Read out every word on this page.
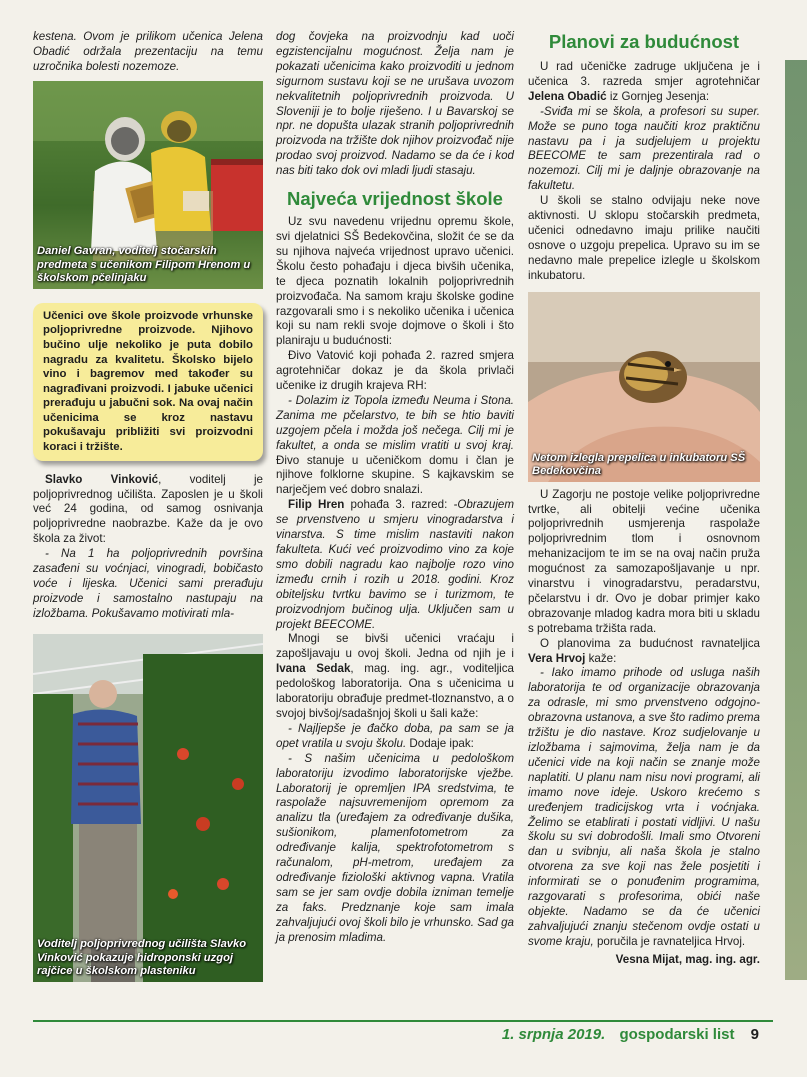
kestena. Ovom je prilikom učenica Jelena Obadić održala prezentaciju na temu uzročnika bolesti nozemoze.

Daniel Gavran, voditelj stočarskih predmeta s učenikom Filipom Hrenom u školskom pčelinjaku
Učenici ove škole proizvode vrhunske poljoprivredne proizvode. Njihovo bučino ulje nekoliko je puta dobilo nagradu za kvalitetu. Školsko bijelo vino i bagremov med također su nagrađivani proizvodi. I jabuke učenici prerađuju u jabučni sok. Na ovaj način učenicima se kroz nastavu pokušavaju približiti svi proizvodni koraci i tržište.

Slavko Vinković, voditelj je poljoprivrednog učilišta. Zaposlen je u školi već 24 godina, od samog osnivanja poljoprivredne naobrazbe. Kaže da je ovo škola za život:

- Na 1 ha poljoprivrednih površina zasađeni su voćnjaci, vinogradi, bobičasto voće i lijeska. Učenici sami prerađuju proizvode i samostalno nastupaju na izložbama. Pokušavamo motivirati mla-

Voditelj poljoprivrednog učilišta Slavko Vinković pokazuje hidroponski uzgoj rajčice u školskom plasteniku

dog čovjeka na proizvodnju kad uoči egzistencijalnu mogućnost. Želja nam je pokazati učenicima kako proizvoditi u jednom sigurnom sustavu koji se ne urušava uvozom nekvalitetnih poljoprivrednih proizvoda. U Sloveniji je to bolje riješeno. I u Bavarskoj se npr. ne dopušta ulazak stranih poljoprivrednih proizvoda na tržište dok njihov proizvođač nije prodao svoj proizvod. Nadamo se da će i kod nas biti tako dok ovi mladi ljudi stasaju.

Najveća vrijednost škole

Uz svu navedenu vrijednu opremu škole, svi djelatnici SŠ Bedekovčina, složit će se da su njihova najveća vrijednost upravo učenici. Školu često pohađaju i djeca bivših učenika, te djeca poznatih lokalnih poljoprivrednih proizvođača. Na samom kraju školske godine razgovarali smo i s nekoliko učenika i učenica koji su nam rekli svoje dojmove o školi i što planiraju u budućnosti:

Đivo Vatović koji pohađa 2. razred smjera agrotehničar dokaz je da škola privlači učenike iz drugih krajeva RH:

- Dolazim iz Topola između Neuma i Stona. Zanima me pčelarstvo, te bih se htio baviti uzgojem pčela i možda još nečega. Cilj mi je fakultet, a onda se mislim vratiti u svoj kraj. Đivo stanuje u učeničkom domu i član je njihove folklorne skupine. S kajkavskim se narječjem već dobro snalazi.

Filip Hren pohađa 3. razred: -Obrazujem se prvenstveno u smjeru vinogradarstva i vinarstva. S time mislim nastaviti nakon fakulteta. Kući već proizvodimo vino za koje smo dobili nagradu kao najbolje rozo vino između crnih i rozih u 2018. godini. Kroz obiteljsku tvrtku bavimo se i turizmom, te proizvodnjom bučinog ulja. Uključen sam u projekt BEECOME.

Mnogi se bivši učenici vraćaju i zapošljavaju u ovoj školi. Jedna od njih je i Ivana Sedak, mag. ing. agr., voditeljica pedološkog laboratorija. Ona s učenicima u laboratoriju obrađuje predmet-tloznanstvo, a o svojoj bivšoj/sadašnjoj školi u šali kaže:

- Najljepše je đačko doba, pa sam se ja opet vratila u svoju školu. Dodaje ipak:

- S našim učenicima u pedološkom laboratoriju izvodimo laboratorijske vježbe. Laboratorij je opremljen IPA sredstvima, te raspolaže najsuvremenijom opremom za analizu tla (uređajem za određivanje dušika, sušionikom, plamenfotometrom za određivanje kalija, spektrofotometrom s računalom, pH-metrom, uređajem za određivanje fiziološki aktivnog vapna. Vratila sam se jer sam ovdje dobila izniman temelje za faks. Predznanje koje sam imala zahvaljujući ovoj školi bilo je vrhunsko. Sad ga ja prenosim mladima.

Planovi za budućnost

U rad učeničke zadruge uključena je i učenica 3. razreda smjer agrotehničar Jelena Obadić iz Gornjeg Jesenja:

-Sviđa mi se škola, a profesori su super. Može se puno toga naučiti kroz praktičnu nastavu pa i ja sudjelujem u projektu BEECOME te sam prezentirala rad o nozemozi. Cilj mi je daljnje obrazovanje na fakultetu.

U školi se stalno odvijaju neke nove aktivnosti. U sklopu stočarskih predmeta, učenici odnedavno imaju prilike naučiti osnove o uzgoju prepelica. Upravo su im se nedavno male prepelice izlegle u školskom inkubatoru.

Netom izlegla prepelica u inkubatoru SŠ Bedekovčina

U Zagorju ne postoje velike poljoprivredne tvrtke, ali obitelji većine učenika poljoprivrednih usmjerenja raspolaže poljoprivrednim tlom i osnovnom mehanizacijom te im se na ovaj način pruža mogućnost za samozapošljavanje u npr. vinarstvu i vinogradarstvu, peradarstvu, pčelarstvu i dr. Ovo je dobar primjer kako obrazovanje mladog kadra mora biti u skladu s potrebama tržišta rada.

O planovima za budućnost ravnateljica Vera Hrvoj kaže:

- Iako imamo prihode od usluga naših laboratorija te od organizacije obrazovanja za odrasle, mi smo prvenstveno odgojno-obrazovna ustanova, a sve što radimo prema tržištu je dio nastave. Kroz sudjelovanje u izložbama i sajmovima, želja nam je da učenici vide na koji način se znanje može naplatiti. U planu nam nisu novi programi, ali imamo nove ideje. Uskoro krećemo s uređenjem tradicijskog vrta i voćnjaka. Želimo se etablirati i postati vidljivi. U našu školu su svi dobrodošli. Imali smo Otvoreni dan u svibnju, ali naša škola je stalno otvorena za sve koji nas žele posjetiti i informirati se o ponuđenim programima, razgovarati s profesorima, obići naše objekte. Nadamo se da će učenici zahvaljujući znanju stečenom ovdje ostati u svome kraju, poručila je ravnateljica Hrvoj.

Vesna Mijat, mag. ing. agr.

1. srpnja 2019. gospodarski list 9
